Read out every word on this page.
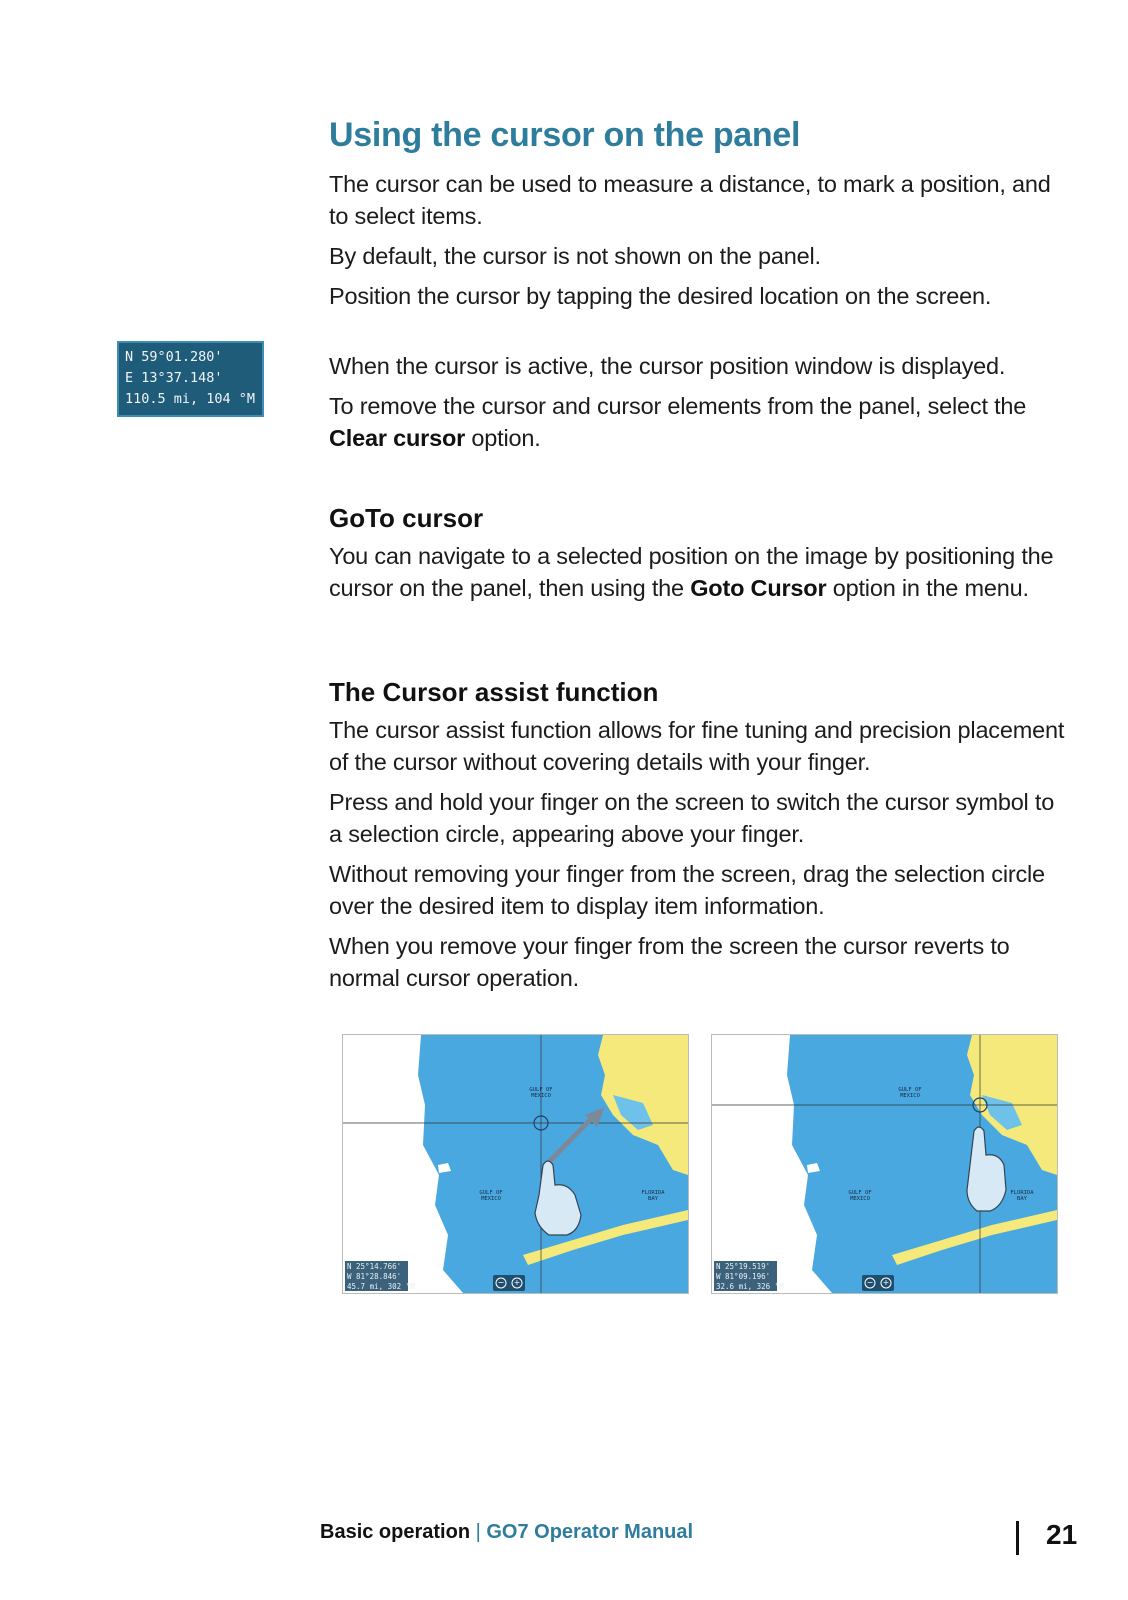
Using the cursor on the panel

The cursor can be used to measure a distance, to mark a position, and to select items.

By default, the cursor is not shown on the panel.

Position the cursor by tapping the desired location on the screen.

When the cursor is active, the cursor position window is displayed.

To remove the cursor and cursor elements from the panel, select the Clear cursor option.

N 59°01.280'
E 13°37.148'
110.5 mi, 104 °M
GoTo cursor

You can navigate to a selected position on the image by positioning the cursor on the panel, then using the Goto Cursor option in the menu.

The Cursor assist function

The cursor assist function allows for fine tuning and precision placement of the cursor without covering details with your finger.

Press and hold your finger on the screen to switch the cursor symbol to a selection circle, appearing above your finger.

Without removing your finger from the screen, drag the selection circle over the desired item to display item information.

When you remove your finger from the screen the cursor reverts to normal cursor operation.

− +
GULF OF MEXICO
GULF OF MEXICO
FLORIDA BAY
N 25°14.766'
W 81°28.846'
45.7 mi, 302 °M	− +
GULF OF MEXICO
GULF OF MEXICO
FLORIDA BAY
N 25°19.519'
W 81°09.196'
32.6 mi, 326 °M
Basic operation | GO7 Operator Manual	21
